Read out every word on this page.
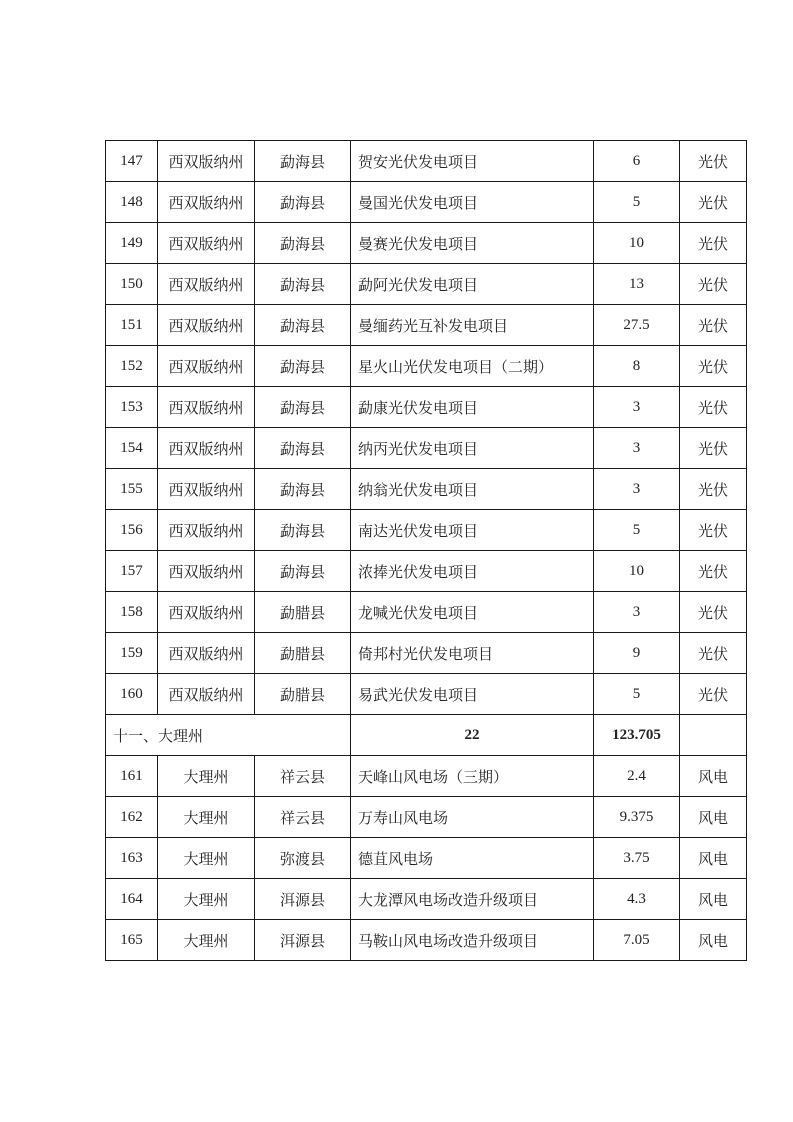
147	西双版纳州	勐海县	贺安光伏发电项目	6	光伏
148	西双版纳州	勐海县	曼国光伏发电项目	5	光伏
149	西双版纳州	勐海县	曼赛光伏发电项目	10	光伏
150	西双版纳州	勐海县	勐阿光伏发电项目	13	光伏
151	西双版纳州	勐海县	曼缅药光互补发电项目	27.5	光伏
152	西双版纳州	勐海县	星火山光伏发电项目（二期）	8	光伏
153	西双版纳州	勐海县	勐康光伏发电项目	3	光伏
154	西双版纳州	勐海县	纳丙光伏发电项目	3	光伏
155	西双版纳州	勐海县	纳翁光伏发电项目	3	光伏
156	西双版纳州	勐海县	南达光伏发电项目	5	光伏
157	西双版纳州	勐海县	浓捧光伏发电项目	10	光伏
158	西双版纳州	勐腊县	龙喊光伏发电项目	3	光伏
159	西双版纳州	勐腊县	倚邦村光伏发电项目	9	光伏
160	西双版纳州	勐腊县	易武光伏发电项目	5	光伏
十一、大理州			22	123.705	
161	大理州	祥云县	天峰山风电场（三期）	2.4	风电
162	大理州	祥云县	万寿山风电场	9.375	风电
163	大理州	弥渡县	德苴风电场	3.75	风电
164	大理州	洱源县	大龙潭风电场改造升级项目	4.3	风电
165	大理州	洱源县	马鞍山风电场改造升级项目	7.05	风电
